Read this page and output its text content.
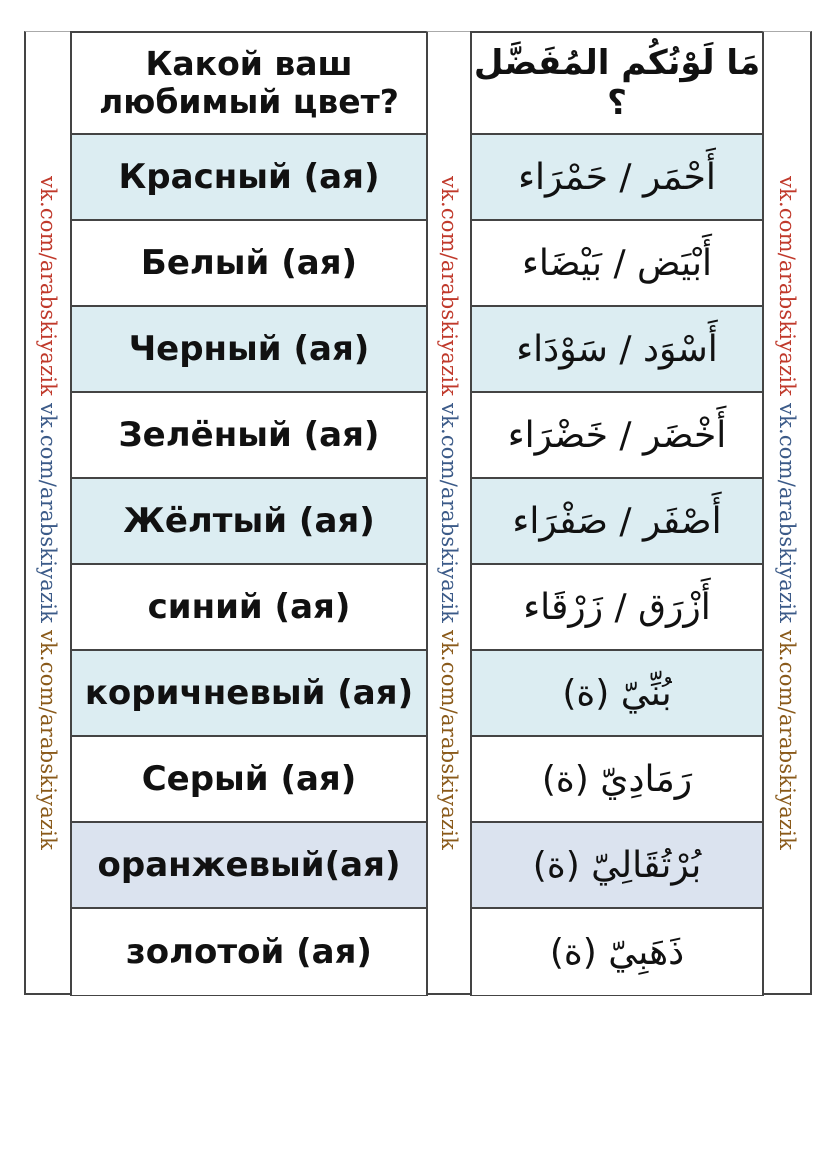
vk.com/arabskiyazik vk.com/arabskiyazik vk.com/arabskiyazik
Какой ваш любимый цвет?
Красный (ая)
Белый (ая)
Черный (ая)
Зелёный (ая)
Жёлтый (ая)
синий (ая)
коричневый (ая)
Серый (ая)
оранжевый(ая)
золотой (ая)
vk.com/arabskiyazik vk.com/arabskiyazik vk.com/arabskiyazik
مَا لَوْنُكُم المُفَضَّل ؟
أَحْمَر / حَمْرَاء
أَبْيَض / بَيْضَاء
أَسْوَد / سَوْدَاء
أَخْضَر / خَضْرَاء
أَصْفَر / صَفْرَاء
أَزْرَق / زَرْقَاء
بُنِّيّ (ة)
رَمَادِيّ (ة)
بُرْتُقَالِيّ (ة)
ذَهَبِيّ (ة)
vk.com/arabskiyazik vk.com/arabskiyazik vk.com/arabskiyazik
